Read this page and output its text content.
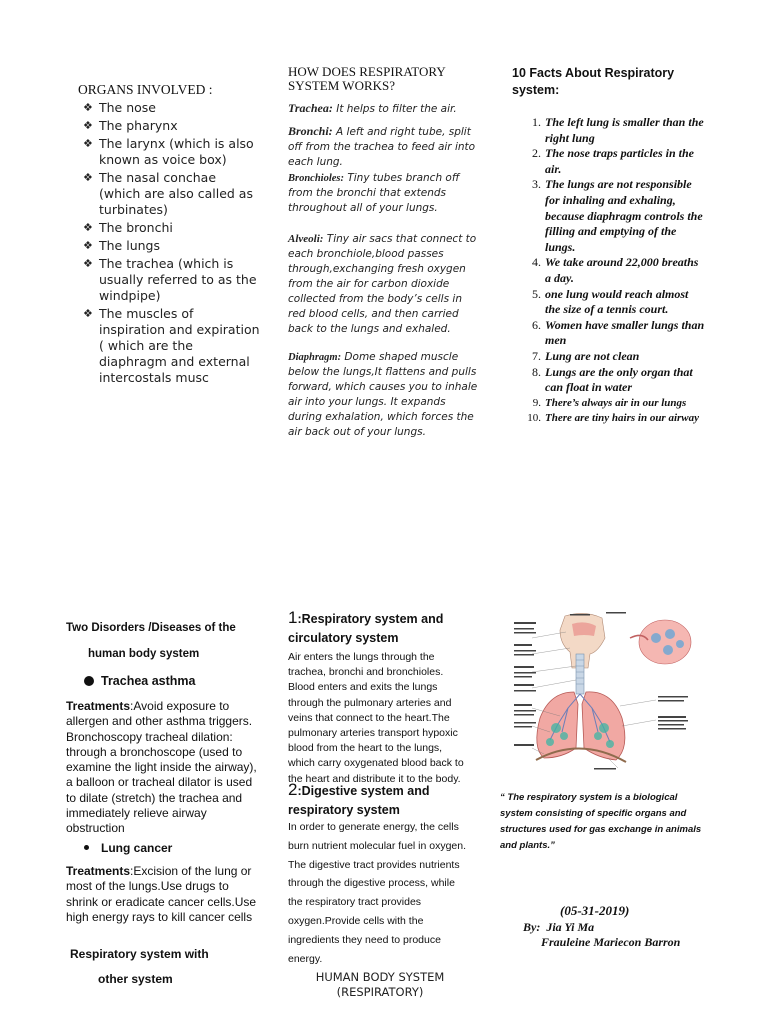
ORGANS INVOLVED :
❖ The nose
❖ The pharynx
❖ The larynx (which is also known as voice box)
❖ The nasal conchae (which are also called as turbinates)
❖ The bronchi
❖ The lungs
❖ The trachea (which is usually referred to as the windpipe)
❖ The muscles of inspiration and expiration ( which are the diaphragm and external intercostals musc
HOW DOES RESPIRATORY SYSTEM WORKS?
Trachea: It helps to filter the air.
Bronchi: A left and right tube, split off from the trachea to feed air into each lung.
Bronchioles: Tiny tubes branch off from the bronchi that extends throughout all of your lungs.
Alveoli: Tiny air sacs that connect to each bronchiole,blood passes through,exchanging fresh oxygen from the air for carbon dioxide collected from the body’s cells in red blood cells, and then carried back to the lungs and exhaled.
Diaphragm: Dome shaped muscle below the lungs,It flattens and pulls forward, which causes you to inhale air into your lungs. It expands during exhalation, which forces the air back out of your lungs.
10 Facts About Respiratory system:
1. The left lung is smaller than the right lung
2. The nose traps particles in the air.
3. The lungs are not responsible for inhaling and exhaling, because diaphragm controls the filling and emptying of the lungs.
4. We take around 22,000 breaths a day.
5. one lung would reach almost the size of a tennis court.
6. Women have smaller lungs than men
7. Lung are not clean
8. Lungs are the only organ that can float in water
9. There’s always air in our lungs
10. There are tiny hairs in our airway
Two Disorders /Diseases of the
human body system
Trachea asthma
Treatments:Avoid exposure to allergen and other asthma triggers. Bronchoscopy tracheal dilation: through a bronchoscope (used to examine the light inside the airway), a balloon or tracheal dilator is used to dilate (stretch) the trachea and immediately relieve airway obstruction
Lung cancer
Treatments:Excision of the lung or most of the lungs.Use drugs to shrink or eradicate cancer cells.Use high energy rays to kill cancer cells
Respiratory system with
other system
1:Respiratory system and circulatory system
Air enters the lungs through the trachea, bronchi and bronchioles. Blood enters and exits the lungs through the pulmonary arteries and veins that connect to the heart.The pulmonary arteries transport hypoxic blood from the heart to the lungs, which carry oxygenated blood back to the heart and distribute it to the body.
2:Digestive system and respiratory system
In order to generate energy, the cells burn nutrient molecular fuel in oxygen. The digestive tract provides nutrients through the digestive process, while the respiratory tract provides oxygen.Provide cells with the ingredients they need to produce energy.
HUMAN BODY SYSTEM (RESPIRATORY)
“ The respiratory system is a biological system consisting of specific organs and structures used for gas exchange in animals and plants.”
(05-31-2019)
By: Jia Yi Ma
Frauleine Mariecon Barron
